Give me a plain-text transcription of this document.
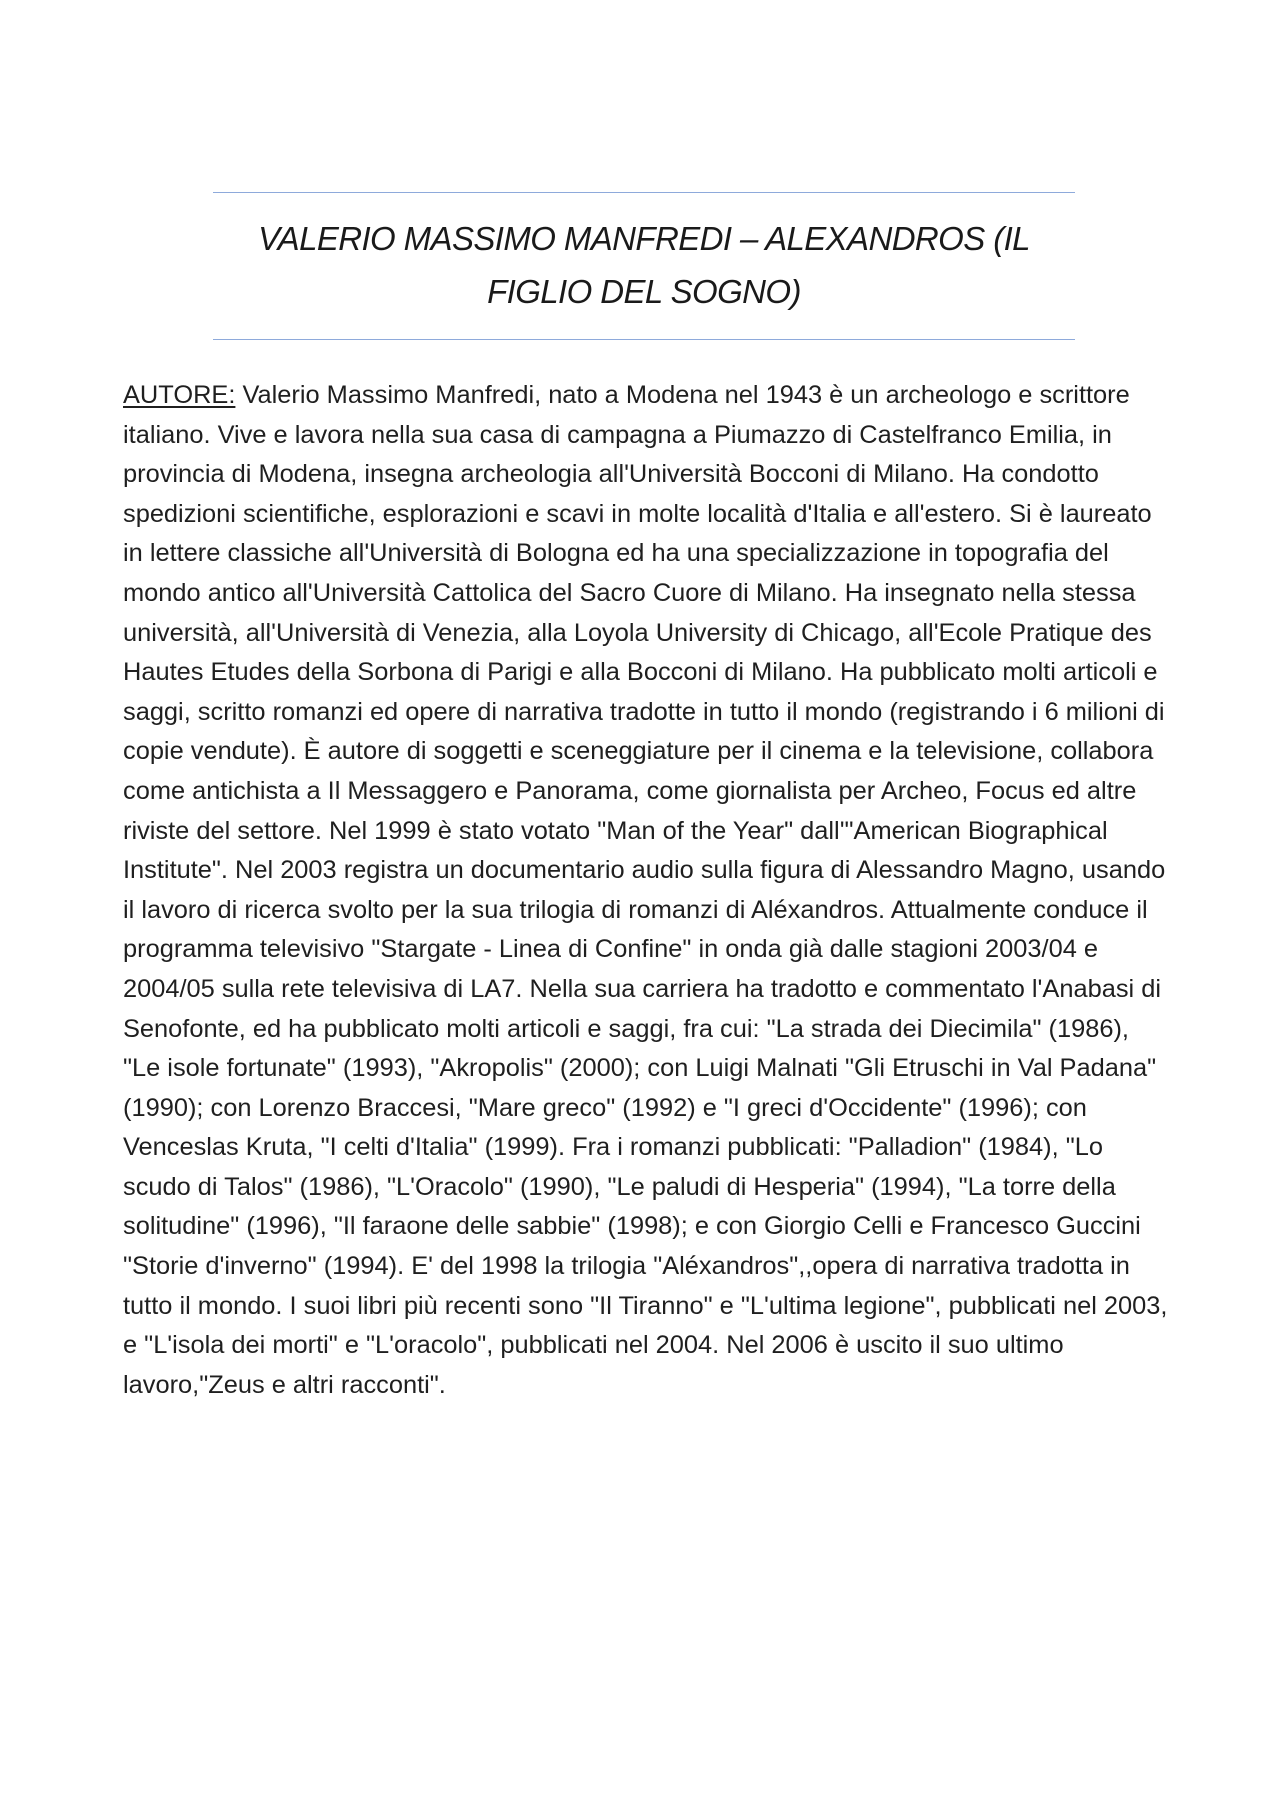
VALERIO MASSIMO MANFREDI – ALEXANDROS (IL
FIGLIO DEL SOGNO)

AUTORE: Valerio Massimo Manfredi, nato a Modena nel 1943 è un archeologo e scrittore italiano. Vive e lavora nella sua casa di campagna a Piumazzo di Castelfranco Emilia, in provincia di Modena, insegna archeologia all'Università Bocconi di Milano. Ha condotto spedizioni scientifiche, esplorazioni e scavi in molte località d'Italia e all'estero. Si è laureato in lettere classiche all'Università di Bologna ed ha una specializzazione in topografia del mondo antico all'Università Cattolica del Sacro Cuore di Milano. Ha insegnato nella stessa università, all'Università di Venezia, alla Loyola University di Chicago, all'Ecole Pratique des Hautes Etudes della Sorbona di Parigi e alla Bocconi di Milano. Ha pubblicato molti articoli e saggi, scritto romanzi ed opere di narrativa tradotte in tutto il mondo (registrando i 6 milioni di copie vendute). È autore di soggetti e sceneggiature per il cinema e la televisione, collabora come antichista a Il Messaggero e Panorama, come giornalista per Archeo, Focus ed altre riviste del settore. Nel 1999 è stato votato "Man of the Year" dall'"American Biographical Institute". Nel 2003 registra un documentario audio sulla figura di Alessandro Magno, usando il lavoro di ricerca svolto per la sua trilogia di romanzi di Aléxandros. Attualmente conduce il programma televisivo "Stargate - Linea di Confine" in onda già dalle stagioni 2003/04 e 2004/05 sulla rete televisiva di LA7. Nella sua carriera ha tradotto e commentato l'Anabasi di Senofonte, ed ha pubblicato molti articoli e saggi, fra cui: "La strada dei Diecimila" (1986), "Le isole fortunate" (1993), "Akropolis" (2000); con Luigi Malnati "Gli Etruschi in Val Padana" (1990); con Lorenzo Braccesi, "Mare greco" (1992) e "I greci d'Occidente" (1996); con Venceslas Kruta, "I celti d'Italia" (1999). Fra i romanzi pubblicati: "Palladion" (1984), "Lo scudo di Talos" (1986), "L'Oracolo" (1990), "Le paludi di Hesperia" (1994), "La torre della solitudine" (1996), "Il faraone delle sabbie" (1998); e con Giorgio Celli e Francesco Guccini "Storie d'inverno" (1994). E' del 1998 la trilogia "Aléxandros",,opera di narrativa tradotta in tutto il mondo. I suoi libri più recenti sono "Il Tiranno" e "L'ultima legione", pubblicati nel 2003, e "L'isola dei morti" e "L'oracolo", pubblicati nel 2004. Nel 2006 è uscito il suo ultimo lavoro,"Zeus e altri racconti".
